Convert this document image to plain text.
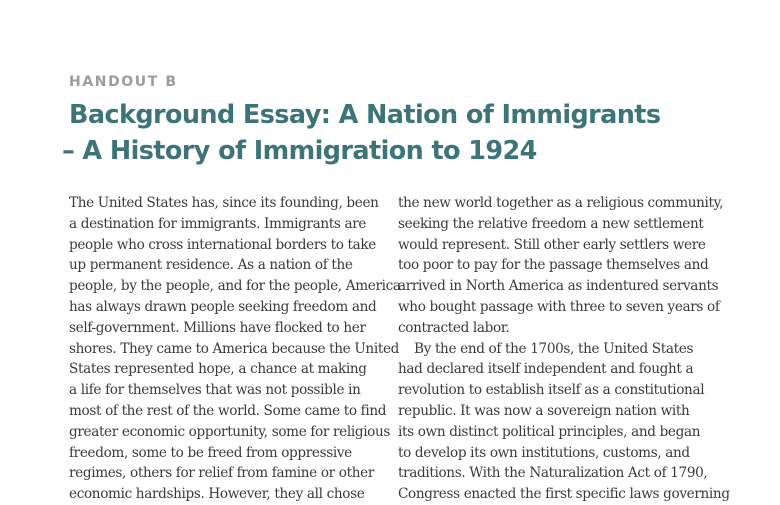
HANDOUT B
Background Essay: A Nation of Immigrants
– A History of Immigration to 1924
The United States has, since its founding, been
a destination for immigrants. Immigrants are
people who cross international borders to take
up permanent residence. As a nation of the
people, by the people, and for the people, America
has always drawn people seeking freedom and
self-government. Millions have flocked to her
shores. They came to America because the United
States represented hope, a chance at making
a life for themselves that was not possible in
most of the rest of the world. Some came to find
greater economic opportunity, some for religious
freedom, some to be freed from oppressive
regimes, others for relief from famine or other
economic hardships. However, they all chose
the new world together as a religious community,
seeking the relative freedom a new settlement
would represent. Still other early settlers were
too poor to pay for the passage themselves and
arrived in North America as indentured servants
who bought passage with three to seven years of
contracted labor.
By the end of the 1700s, the United States
had declared itself independent and fought a
revolution to establish itself as a constitutional
republic. It was now a sovereign nation with
its own distinct political principles, and began
to develop its own institutions, customs, and
traditions. With the Naturalization Act of 1790,
Congress enacted the first specific laws governing
